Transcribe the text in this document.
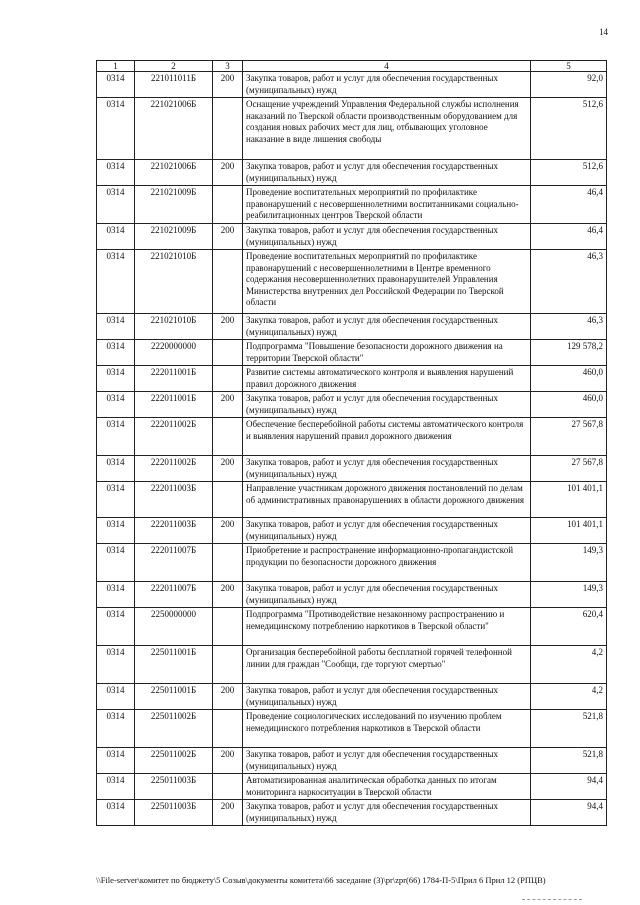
14
1	2	3	4	5
0314	221011011Б	200	Закупка товаров, работ и услуг для обеспечения государственных (муниципальных) нужд	92,0
0314	221021006Б		Оснащение учреждений Управления Федеральной службы исполнения наказаний по Тверской области производственным оборудованием для создания новых рабочих мест для лиц, отбывающих уголовное наказание в виде лишения свободы	512,6
0314	221021006Б	200	Закупка товаров, работ и услуг для обеспечения государственных (муниципальных) нужд	512,6
0314	221021009Б		Проведение воспитательных мероприятий по профилактике правонарушений с несовершеннолетними воспитанниками социально-реабилитационных центров Тверской области	46,4
0314	221021009Б	200	Закупка товаров, работ и услуг для обеспечения государственных (муниципальных) нужд	46,4
0314	221021010Б		Проведение воспитательных мероприятий по профилактике правонарушений с несовершеннолетними в Центре временного содержания несовершеннолетних правонарушителей Управления Министерства внутренних дел Российской Федерации по Тверской области	46,3
0314	221021010Б	200	Закупка товаров, работ и услуг для обеспечения государственных (муниципальных) нужд	46,3
0314	2220000000		Подпрограмма "Повышение безопасности дорожного движения на территории Тверской области"	129 578,2
0314	222011001Б		Развитие системы автоматического контроля и выявления нарушений правил дорожного движения	460,0
0314	222011001Б	200	Закупка товаров, работ и услуг для обеспечения государственных (муниципальных) нужд	460,0
0314	222011002Б		Обеспечение бесперебойной работы системы автоматического контроля и выявления нарушений правил дорожного движения	27 567,8
0314	222011002Б	200	Закупка товаров, работ и услуг для обеспечения государственных (муниципальных) нужд	27 567,8
0314	222011003Б		Направление участникам дорожного движения постановлений по делам об административных правонарушениях в области дорожного движения	101 401,1
0314	222011003Б	200	Закупка товаров, работ и услуг для обеспечения государственных (муниципальных) нужд	101 401,1
0314	222011007Б		Приобретение и распространение информационно-пропагандистской продукции по безопасности дорожного движения	149,3
0314	222011007Б	200	Закупка товаров, работ и услуг для обеспечения государственных (муниципальных) нужд	149,3
0314	2250000000		Подпрограмма "Противодействие незаконному распространению и немедицинскому потреблению наркотиков в Тверской области"	620,4
0314	225011001Б		Организация бесперебойной работы бесплатной горячей телефонной линии для граждан "Сообщи, где торгуют смертью"	4,2
0314	225011001Б	200	Закупка товаров, работ и услуг для обеспечения государственных (муниципальных) нужд	4,2
0314	225011002Б		Проведение социологических исследований по изучению проблем немедицинского потребления наркотиков в Тверской области	521,8
0314	225011002Б	200	Закупка товаров, работ и услуг для обеспечения государственных (муниципальных) нужд	521,8
0314	225011003Б		Автоматизированная аналитическая обработка данных по итогам мониторинга наркоситуации в Тверской области	94,4
0314	225011003Б	200	Закупка товаров, работ и услуг для обеспечения государственных (муниципальных) нужд	94,4
\\File-server\комитет по бюджету\5 Созыв\документы комитета\66 заседание (3)\pr\zpr(66) 1784-П-5\Прил 6 Прил 12 (РПЦВ)
